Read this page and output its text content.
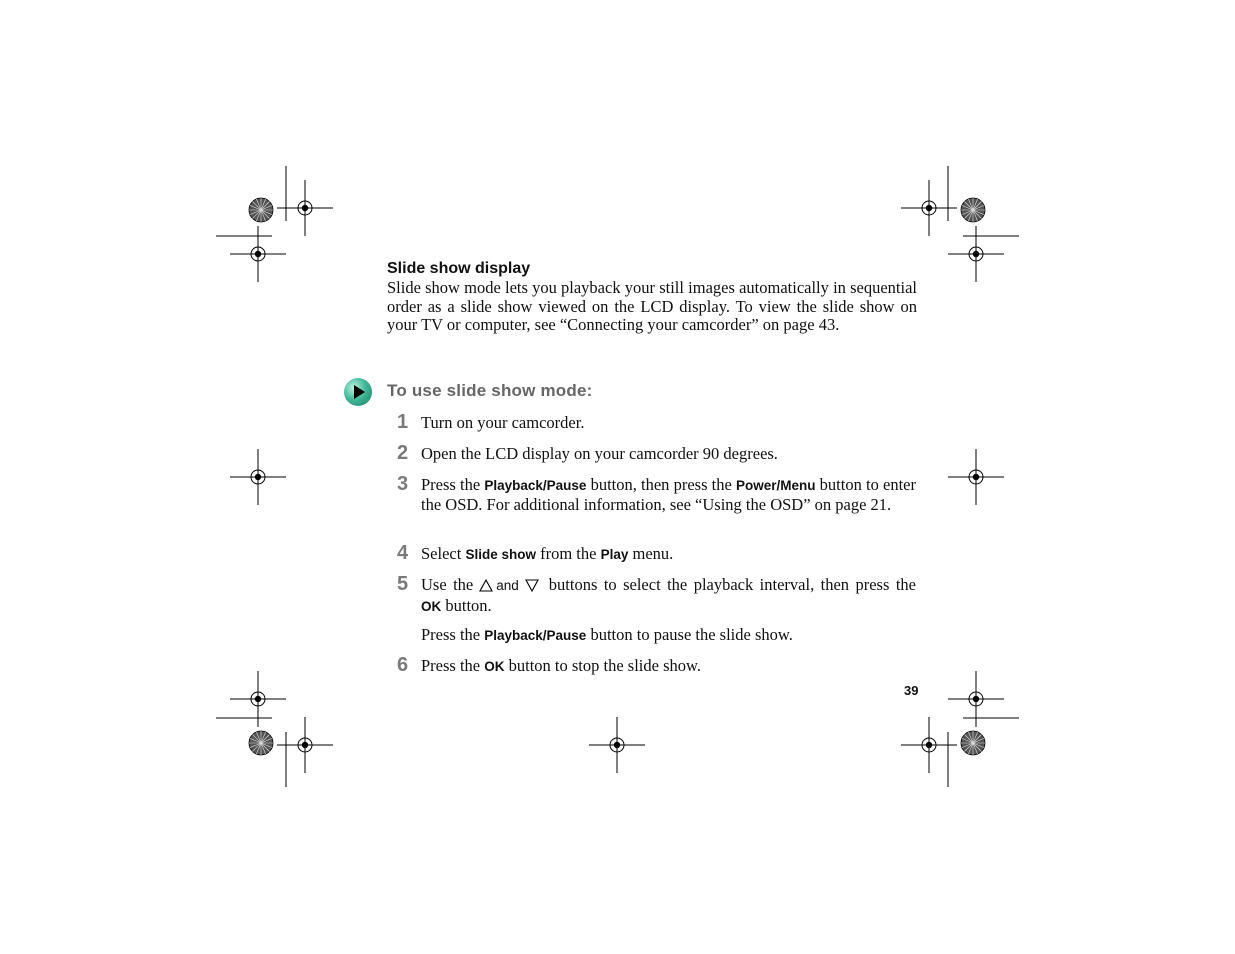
Slide show display
Slide show mode lets you playback your still images automatically in sequential order as a slide show viewed on the LCD display. To view the slide show on your TV or computer, see “Connecting your camcorder” on page 43.
To use slide show mode:
1 Turn on your camcorder.
2 Open the LCD display on your camcorder 90 degrees.
3 Press the Playback/Pause button, then press the Power/Menu button to enter the OSD. For additional information, see “Using the OSD” on page 21.
4 Select Slide show from the Play menu.
5 Use the and buttons to select the playback interval, then press the OK button.
Press the Playback/Pause button to pause the slide show.
6 Press the OK button to stop the slide show.
39
